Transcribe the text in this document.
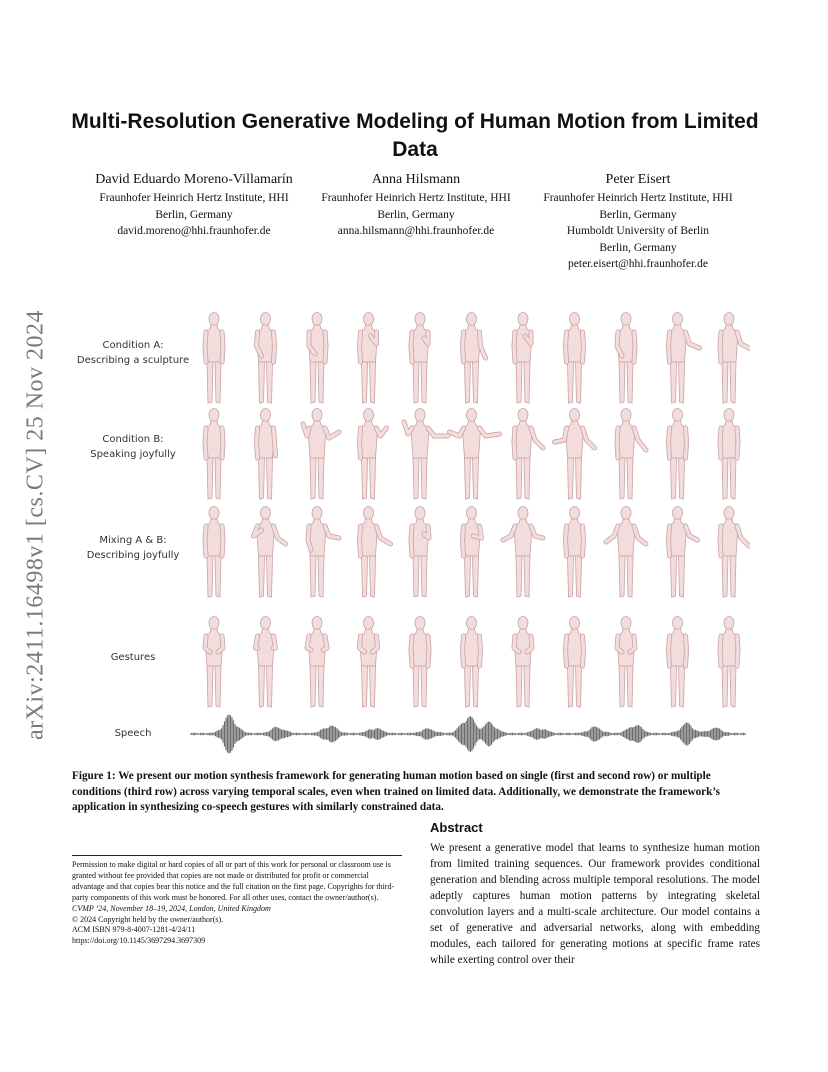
arXiv:2411.16498v1 [cs.CV] 25 Nov 2024
Multi-Resolution Generative Modeling of Human Motion from Limited Data
David Eduardo Moreno-Villamarín
Fraunhofer Heinrich Hertz Institute, HHI
Berlin, Germany
david.moreno@hhi.fraunhofer.de
Anna Hilsmann
Fraunhofer Heinrich Hertz Institute, HHI
Berlin, Germany
anna.hilsmann@hhi.fraunhofer.de
Peter Eisert
Fraunhofer Heinrich Hertz Institute, HHI
Berlin, Germany
Humboldt University of Berlin
Berlin, Germany
peter.eisert@hhi.fraunhofer.de
Condition A:
Describing a sculpture
Condition B:
Speaking joyfully
Mixing A & B:
Describing joyfully
Gestures
Speech

Figure 1: We present our motion synthesis framework for generating human motion based on single (first and second row) or multiple conditions (third row) across varying temporal scales, even when trained on limited data. Additionally, we demonstrate the framework’s application in synthesizing co-speech gestures with similarly constrained data.

Abstract

We present a generative model that learns to synthesize human motion from limited training sequences. Our framework provides conditional generation and blending across multiple temporal resolutions. The model adeptly captures human motion patterns by integrating skeletal convolution layers and a multi-scale architecture. Our model contains a set of generative and adversarial networks, along with embedding modules, each tailored for generating motions at specific frame rates while exerting control over their

Permission to make digital or hard copies of all or part of this work for personal or classroom use is granted without fee provided that copies are not made or distributed for profit or commercial advantage and that copies bear this notice and the full citation on the first page. Copyrights for third-party components of this work must be honored. For all other uses, contact the owner/author(s).

CVMP ’24, November 18–19, 2024, London, United Kingdom

© 2024 Copyright held by the owner/author(s).

ACM ISBN 979-8-4007-1281-4/24/11

https://doi.org/10.1145/3697294.3697309
